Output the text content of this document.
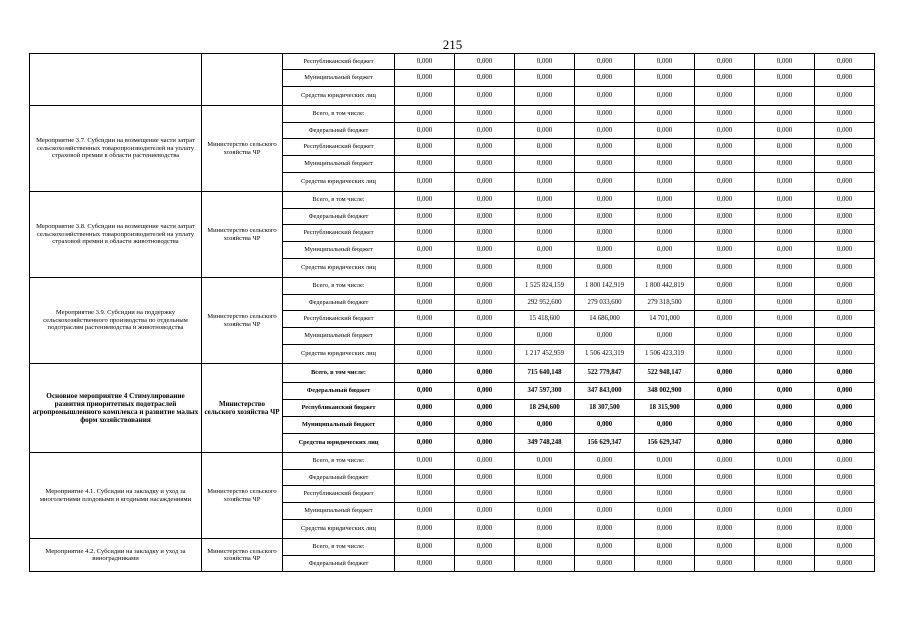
215
		Республиканский бюджет	0,000	0,000	0,000	0,000	0,000	0,000	0,000	0,000
		Муниципальный бюджет	0,000	0,000	0,000	0,000	0,000	0,000	0,000	0,000
		Средства юридических лиц	0,000	0,000	0,000	0,000	0,000	0,000	0,000	0,000
Мероприятие 3.7. Субсидии на возмещение части затрат сельскохозяйственных товаропроизводителей на уплату страховой премии в области растениеводства	Министерство сельского хозяйства ЧР	Всего, в том числе:	0,000	0,000	0,000	0,000	0,000	0,000	0,000	0,000
		Федеральный бюджет	0,000	0,000	0,000	0,000	0,000	0,000	0,000	0,000
		Республиканский бюджет	0,000	0,000	0,000	0,000	0,000	0,000	0,000	0,000
		Муниципальный бюджет	0,000	0,000	0,000	0,000	0,000	0,000	0,000	0,000
		Средства юридических лиц	0,000	0,000	0,000	0,000	0,000	0,000	0,000	0,000
Мероприятие 3.8. Субсидии на возмещение части затрат сельскохозяйственных товаропроизводителей на уплату страховой премии в области животноводства	Министерство сельского хозяйства ЧР	Всего, в том числе:	0,000	0,000	0,000	0,000	0,000	0,000	0,000	0,000
		Федеральный бюджет	0,000	0,000	0,000	0,000	0,000	0,000	0,000	0,000
		Республиканский бюджет	0,000	0,000	0,000	0,000	0,000	0,000	0,000	0,000
		Муниципальный бюджет	0,000	0,000	0,000	0,000	0,000	0,000	0,000	0,000
		Средства юридических лиц	0,000	0,000	0,000	0,000	0,000	0,000	0,000	0,000
Мероприятие 3.9. Субсидии на поддержку сельскохозяйственного производства по отдельным подотраслям растениеводства и животноводства	Министерство сельского хозяйства ЧР	Всего, в том числе:	0,000	0,000	1 525 824,159	1 800 142,919	1 800 442,819	0,000	0,000	0,000
		Федеральный бюджет	0,000	0,000	292 952,600	279 033,600	279 318,500	0,000	0,000	0,000
		Республиканский бюджет	0,000	0,000	15 418,600	14 686,000	14 701,000	0,000	0,000	0,000
		Муниципальный бюджет	0,000	0,000	0,000	0,000	0,000	0,000	0,000	0,000
		Средства юридических лиц	0,000	0,000	1 217 452,959	1 506 423,319	1 506 423,319	0,000	0,000	0,000
Основное мероприятие 4 Стимулирование развития приоритетных подотраслей агропромышленного комплекса и развитие малых форм хозяйствования	Министерство сельского хозяйства ЧР	Всего, в том числе:	0,000	0,000	715 640,148	522 779,847	522 948,147	0,000	0,000	0,000
		Федеральный бюджет	0,000	0,000	347 597,300	347 843,000	348 002,900	0,000	0,000	0,000
		Республиканский бюджет	0,000	0,000	18 294,600	18 307,500	18 315,900	0,000	0,000	0,000
		Муниципальный бюджет	0,000	0,000	0,000	0,000	0,000	0,000	0,000	0,000
		Средства юридических лиц	0,000	0,000	349 748,248	156 629,347	156 629,347	0,000	0,000	0,000
Мероприятие 4.1. Субсидии на закладку и уход за многолетними плодовыми и ягодными насаждениями	Министерство сельского хозяйства ЧР	Всего, в том числе:	0,000	0,000	0,000	0,000	0,000	0,000	0,000	0,000
		Федеральный бюджет	0,000	0,000	0,000	0,000	0,000	0,000	0,000	0,000
		Республиканский бюджет	0,000	0,000	0,000	0,000	0,000	0,000	0,000	0,000
		Муниципальный бюджет	0,000	0,000	0,000	0,000	0,000	0,000	0,000	0,000
		Средства юридических лиц	0,000	0,000	0,000	0,000	0,000	0,000	0,000	0,000
Мероприятие 4.2. Субсидии на закладку и уход за виноградниками	Министерство сельского хозяйства ЧР	Всего, в том числе:	0,000	0,000	0,000	0,000	0,000	0,000	0,000	0,000
		Федеральный бюджет	0,000	0,000	0,000	0,000	0,000	0,000	0,000	0,000
